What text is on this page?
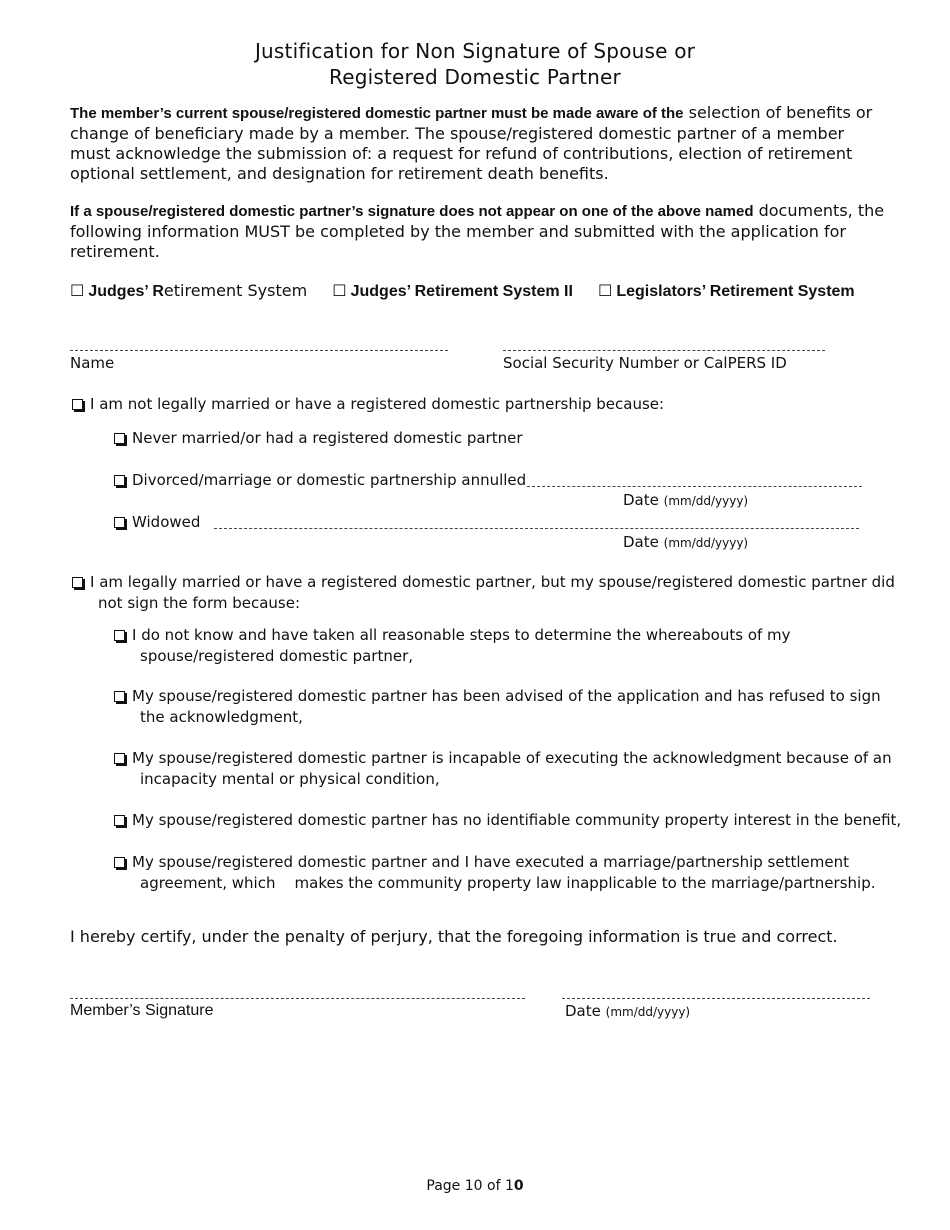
Justification for Non Signature of Spouse or
Registered Domestic Partner
The member’s current spouse/registered domestic partner must be made aware of the selection of benefits or change of beneficiary made by a member. The spouse/registered domestic partner of a member must acknowledge the submission of: a request for refund of contributions, election of retirement optional settlement, and designation for retirement death benefits.
If a spouse/registered domestic partner’s signature does not appear on one of the above named documents, the following information MUST be completed by the member and submitted with the application for retirement.
☐ Judges’ Retirement System ☐ Judges’ Retirement System II ☐ Legislators’ Retirement System
Name	Social Security Number or CalPERS ID
I am not legally married or have a registered domestic partnership because:
Never married/or had a registered domestic partner
Divorced/marriage or domestic partnership annulled
Date (mm/dd/yyyy)
Widowed
Date (mm/dd/yyyy)
I am legally married or have a registered domestic partner, but my spouse/registered domestic partner did
not sign the form because:
I do not know and have taken all reasonable steps to determine the whereabouts of my
spouse/registered domestic partner,
My spouse/registered domestic partner has been advised of the application and has refused to sign
the acknowledgment,
My spouse/registered domestic partner is incapable of executing the acknowledgment because of an
incapacity mental or physical condition,
My spouse/registered domestic partner has no identifiable community property interest in the benefit,
My spouse/registered domestic partner and I have executed a marriage/partnership settlement
agreement, which    makes the community property law inapplicable to the marriage/partnership.
I hereby certify, under the penalty of perjury, that the foregoing information is true and correct.
Member’s Signature	Date (mm/dd/yyyy)
Page 10 of 10
